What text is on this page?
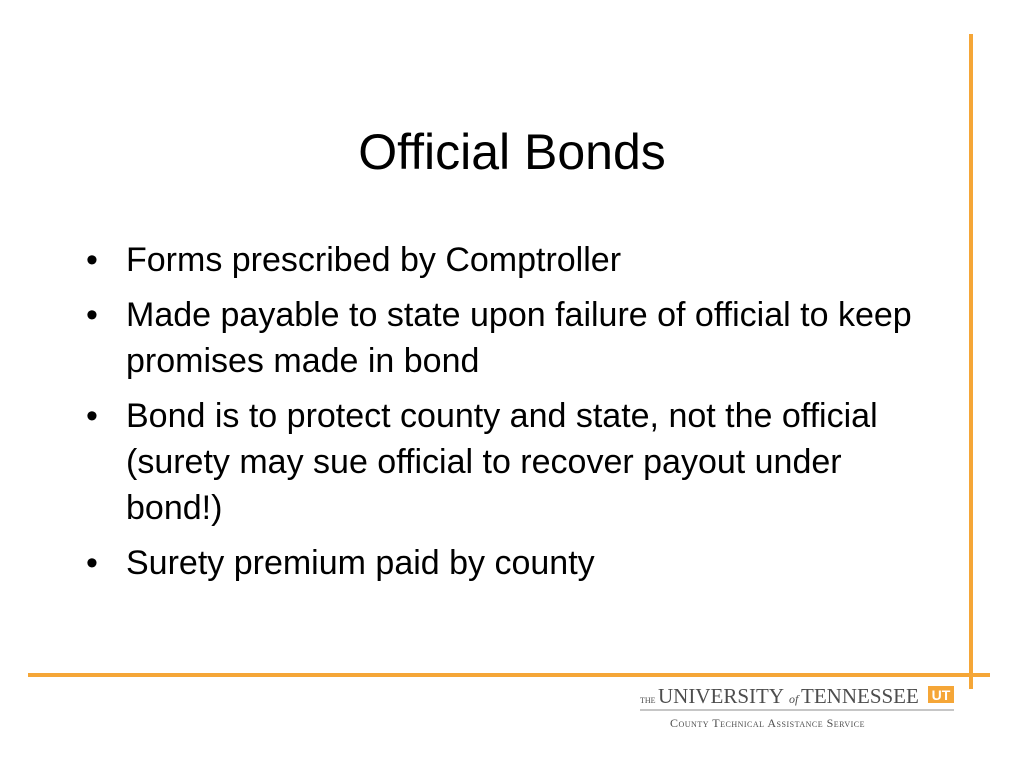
Official Bonds
• Forms prescribed by Comptroller
• Made payable to state upon failure of official to keep promises made in bond
• Bond is to protect county and state, not the official (surety may sue official to recover payout under bond!)
• Surety premium paid by county
THE UNIVERSITY of TENNESSEE UT
County Technical Assistance Service
